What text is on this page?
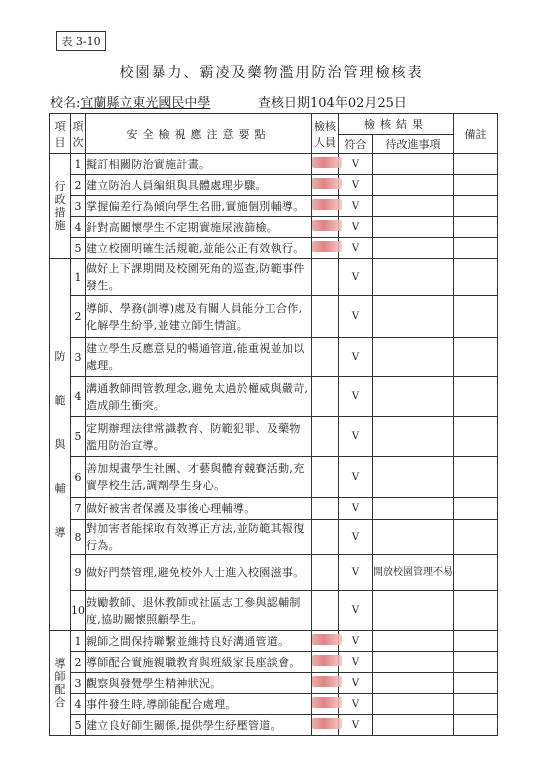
表 3-10
校園暴力、霸凌及藥物濫用防治管理檢核表
校名:宜蘭縣立東光國民中學	查核日期104年02月25日
項目	項次	安全檢視應注意要點	檢核人員	檢核結果		備註
				符合	待改進事項	
行政措施	1	擬訂相關防治實施計畫。		V		
	2	建立防治人員編組與具體處理步驟。		V		
	3	掌握偏差行為傾向學生名冊,實施個別輔導。		V		
	4	針對高關懷學生不定期實施尿液篩檢。		V		
	5	建立校園明確生活規範,並能公正有效執行。		V		
防範與輔導	1	做好上下課期間及校園死角的巡查,防範事件發生。		V		
	2	導師、學務(訓導)處及有關人員能分工合作,化解學生紛爭,並建立師生情誼。		V		
	3	建立學生反應意見的暢通管道,能重視並加以處理。		V		
	4	溝通教師問管教理念,避免太過於權威與嚴苛,造成師生衝突。		V		
	5	定期辦理法律常識教育、防範犯罪、及藥物濫用防治宣導。		V		
	6	善加規畫學生社團、才藝與體育競賽活動,充實學校生活,調劑學生身心。		V		
	7	做好被害者保護及事後心理輔導。		V		
	8	對加害者能採取有效導正方法,並防範其報復行為。		V		
	9	做好門禁管理,避免校外人士進入校園滋事。		V	開放校園管理不易	
	10	鼓勵教師、退休教師或社區志工參與認輔制度,協助關懷照顧學生。		V		
導師配合	1	親師之間保持聯繫並維持良好溝通管道。		V		
	2	導師配合實施親職教育與班級家長座談會。		V		
	3	觀察與發覺學生精神狀況。		V		
	4	事件發生時,導師能配合處理。		V		
	5	建立良好師生關係,提供學生紓壓管道。		V		
